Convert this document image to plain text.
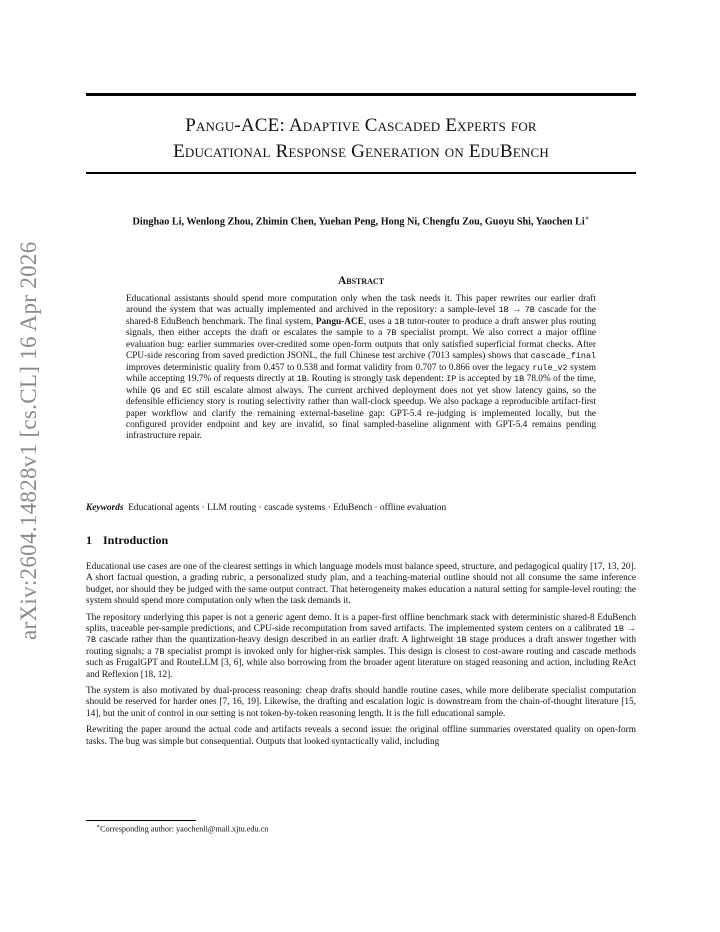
Pangu-ACE: Adaptive Cascaded Experts for
Educational Response Generation on EduBench
arXiv:2604.14828v1 [cs.CL] 16 Apr 2026
Dinghao Li, Wenlong Zhou, Zhimin Chen, Yuehan Peng, Hong Ni, Chengfu Zou, Guoyu Shi, Yaochen Li∗
Abstract

Educational assistants should spend more computation only when the task needs it. This paper rewrites our earlier draft around the system that was actually implemented and archived in the repository: a sample-level 1B → 7B cascade for the shared-8 EduBench benchmark. The final system, Pangu-ACE, uses a 1B tutor-router to produce a draft answer plus routing signals, then either accepts the draft or escalates the sample to a 7B specialist prompt. We also correct a major offline evaluation bug: earlier summaries over-credited some open-form outputs that only satisfied superficial format checks. After CPU-side rescoring from saved prediction JSONL, the full Chinese test archive (7013 samples) shows that cascade_final improves deterministic quality from 0.457 to 0.538 and format validity from 0.707 to 0.866 over the legacy rule_v2 system while accepting 19.7% of requests directly at 1B. Routing is strongly task dependent: IP is accepted by 1B 78.0% of the time, while QG and EC still escalate almost always. The current archived deployment does not yet show latency gains, so the defensible efficiency story is routing selectivity rather than wall-clock speedup. We also package a reproducible artifact-first paper workflow and clarify the remaining external-baseline gap: GPT-5.4 re-judging is implemented locally, but the configured provider endpoint and key are invalid, so final sampled-baseline alignment with GPT-5.4 remains pending infrastructure repair.

Keywords Educational agents · LLM routing · cascade systems · EduBench · offline evaluation
1 Introduction

Educational use cases are one of the clearest settings in which language models must balance speed, structure, and pedagogical quality [17, 13, 20]. A short factual question, a grading rubric, a personalized study plan, and a teaching-material outline should not all consume the same inference budget, nor should they be judged with the same output contract. That heterogeneity makes education a natural setting for sample-level routing: the system should spend more computation only when the task demands it.

The repository underlying this paper is not a generic agent demo. It is a paper-first offline benchmark stack with deterministic shared-8 EduBench splits, traceable per-sample predictions, and CPU-side recomputation from saved artifacts. The implemented system centers on a calibrated 1B → 7B cascade rather than the quantization-heavy design described in an earlier draft. A lightweight 1B stage produces a draft answer together with routing signals; a 7B specialist prompt is invoked only for higher-risk samples. This design is closest to cost-aware routing and cascade methods such as FrugalGPT and RouteLLM [3, 6], while also borrowing from the broader agent literature on staged reasoning and action, including ReAct and Reflexion [18, 12].

The system is also motivated by dual-process reasoning: cheap drafts should handle routine cases, while more deliberate specialist computation should be reserved for harder ones [7, 16, 19]. Likewise, the drafting and escalation logic is downstream from the chain-of-thought literature [15, 14], but the unit of control in our setting is not token-by-token reasoning length. It is the full educational sample.

Rewriting the paper around the actual code and artifacts reveals a second issue: the original offline summaries overstated quality on open-form tasks. The bug was simple but consequential. Outputs that looked syntactically valid, including

∗Corresponding author: yaochenli@mail.xjtu.edu.cn
